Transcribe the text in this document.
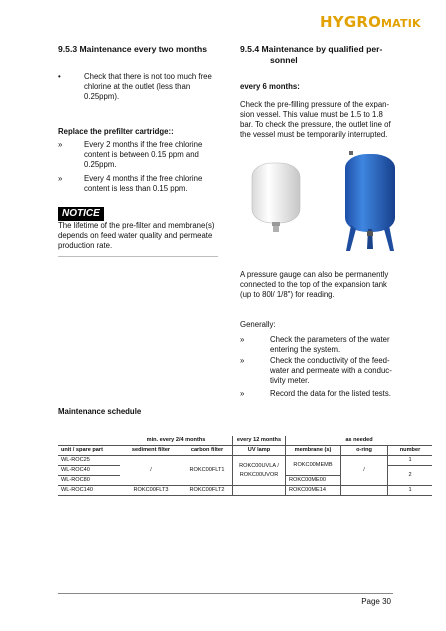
HYGROMATIK
9.5.3 Maintenance every two months
•	Check that there is not too much free
chlorine at the outlet (less than
0.25ppm).
Replace the prefilter cartridge::
»	Every 2 months if the free chlorine
content is between 0.15 ppm and
0.25ppm.
»	Every 4 months if the free chlorine
content is less than 0.15 ppm.
NOTICE
The lifetime of the pre-filter and membrane(s)
depends on feed water quality and permeate
production rate.
9.5.4 Maintenance by qualified per-
sonnel
every 6 months:
Check the pre-filling pressure of the expan-
sion vessel. This value must be 1.5 to 1.8
bar. To check the pressure, the outlet line of
the vessel must be temporarily interrupted.
A pressure gauge can also be permanently
connected to the top of the expansion tank
(up to 80l/ 1/8") for reading.
Generally:
»	Check the parameters of the water
entering the system.
»	Check the conductivity of the feed-
water and permeate with a conduc-
tivity meter.
»	Record the data for the listed tests.
Maintenance schedule
	min. every 2/4 months		every 12 months	as needed		
unit / spare part	sediment filter	carbon filter	UV lamp	membrane (s)	o-ring	number
WL-ROC25	/	ROKC00FLT1	ROKC00UVLA /
ROKC00UVOR	ROKC00MEMB	/	1
WL-ROC40						2
WL-ROC80				ROKC00ME00		
WL-ROC140	ROKC00FLT3	ROKC00FLT2		ROKC00ME14		1
Page 30
